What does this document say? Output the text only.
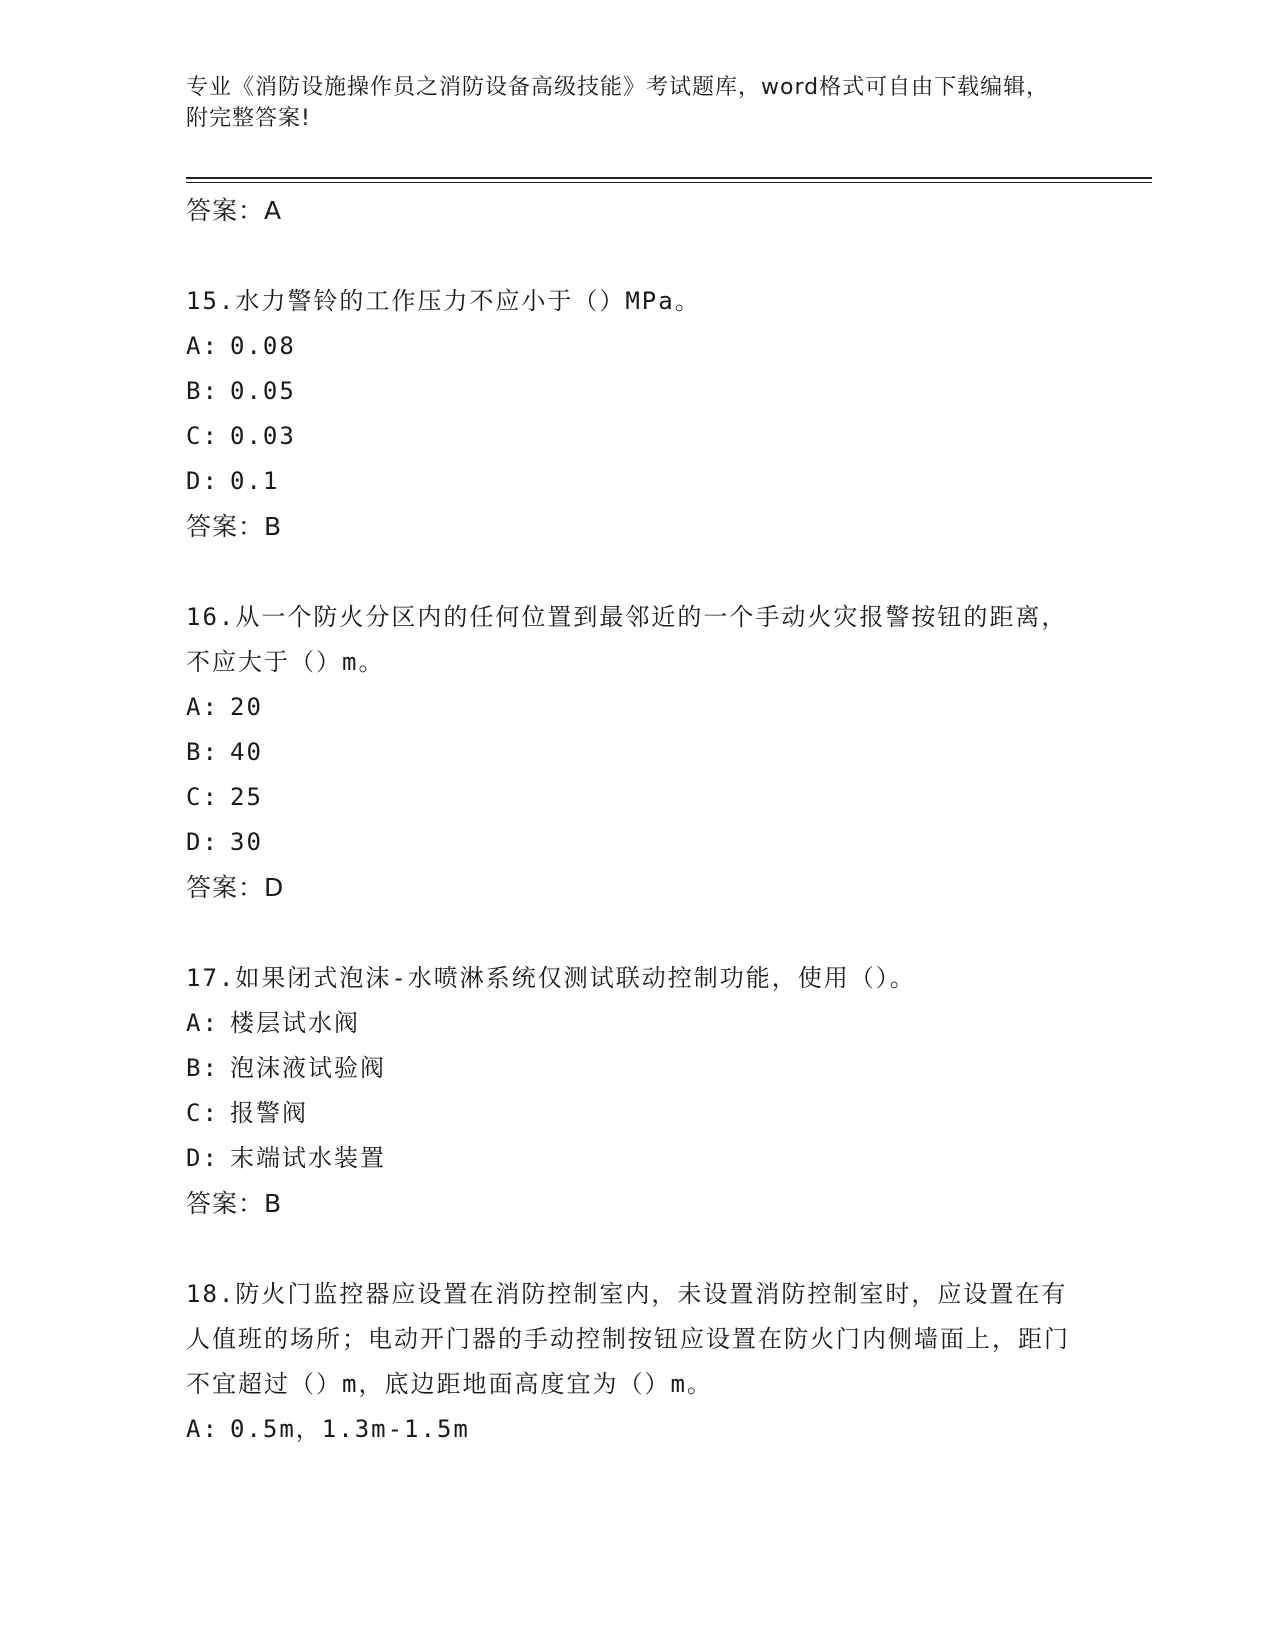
专业《消防设施操作员之消防设备高级技能》考试题库，word格式可自由下载编辑，附完整答案!
答案：A
15.水力警铃的工作压力不应小于（）MPa。
A: 0.08
B: 0.05
C: 0.03
D: 0.1
答案：B
16.从一个防火分区内的任何位置到最邻近的一个手动火灾报警按钮的距离，不应大于（）m。
A: 20
B: 40
C: 25
D: 30
答案：D
17.如果闭式泡沫-水喷淋系统仅测试联动控制功能，使用（）。
A: 楼层试水阀
B: 泡沫液试验阀
C: 报警阀
D: 末端试水装置
答案：B
18.防火门监控器应设置在消防控制室内，未设置消防控制室时，应设置在有人值班的场所；电动开门器的手动控制按钮应设置在防火门内侧墙面上，距门不宜超过（）m，底边距地面高度宜为（）m。
A: 0.5m，1.3m-1.5m
